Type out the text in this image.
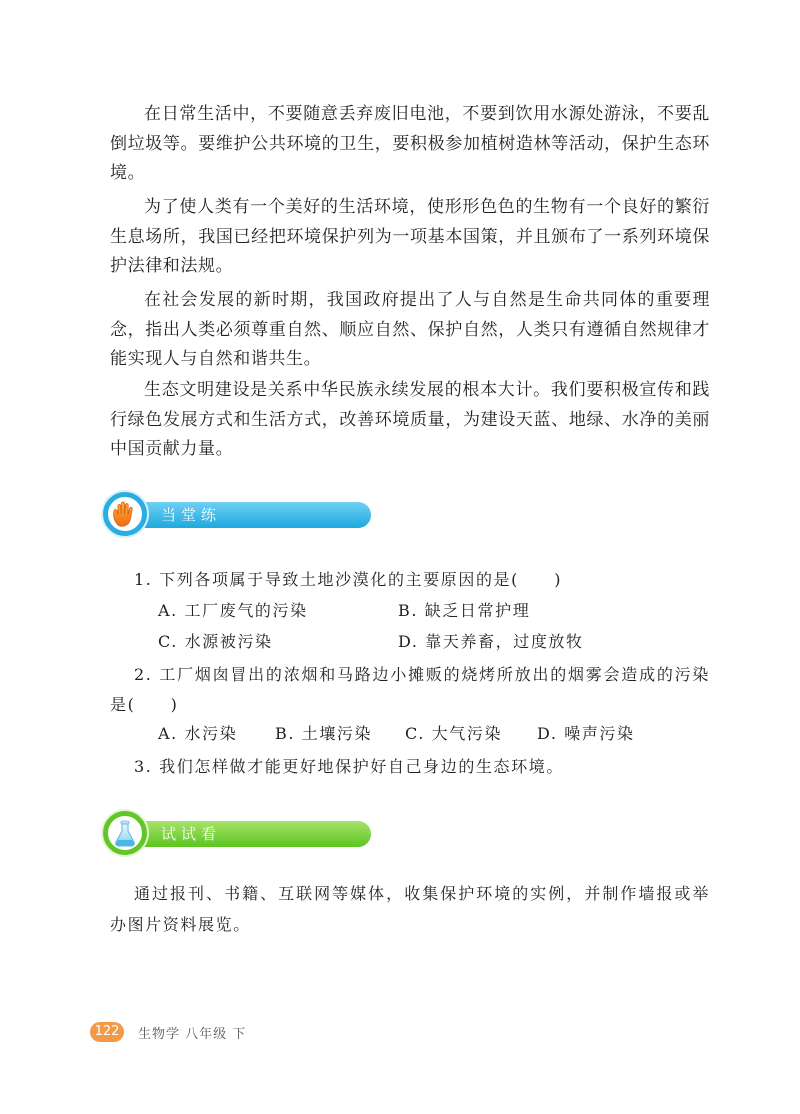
在日常生活中，不要随意丢弃废旧电池，不要到饮用水源处游泳，不要乱倒垃圾等。要维护公共环境的卫生，要积极参加植树造林等活动，保护生态环境。

为了使人类有一个美好的生活环境，使形形色色的生物有一个良好的繁衍生息场所，我国已经把环境保护列为一项基本国策，并且颁布了一系列环境保护法律和法规。

在社会发展的新时期，我国政府提出了人与自然是生命共同体的重要理念，指出人类必须尊重自然、顺应自然、保护自然，人类只有遵循自然规律才能实现人与自然和谐共生。

生态文明建设是关系中华民族永续发展的根本大计。我们要积极宣传和践行绿色发展方式和生活方式，改善环境质量，为建设天蓝、地绿、水净的美丽中国贡献力量。

当堂练

1. 下列各项属于导致土地沙漠化的主要原因的是(　　)

A. 工厂废气的污染	B. 缺乏日常护理

C. 水源被污染	D. 靠天养畜，过度放牧

2. 工厂烟囱冒出的浓烟和马路边小摊贩的烧烤所放出的烟雾会造成的污染是(　　)

A. 水污染 B. 土壤污染 C. 大气污染 D. 噪声污染

3. 我们怎样做才能更好地保护好自己身边的生态环境。

试试看

通过报刊、书籍、互联网等媒体，收集保护环境的实例，并制作墙报或举办图片资料展览。

122	生物学 八年级 下
